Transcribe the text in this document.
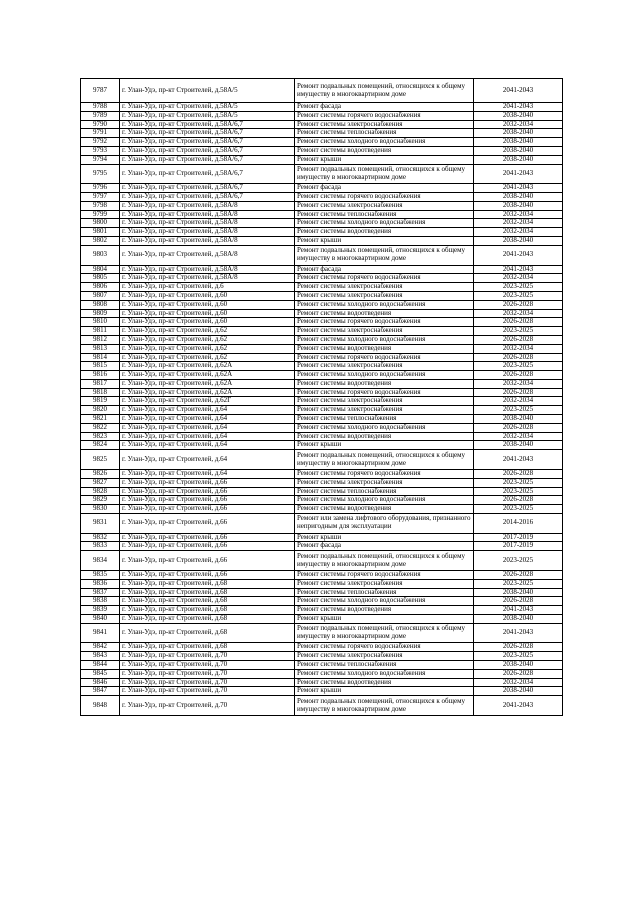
9787	г. Улан-Удэ, пр-кт Строителей, д.58А/5	Ремонт подвальных помещений, относящихся к общему имуществу в многоквартирном доме	2041-2043
9788	г. Улан-Удэ, пр-кт Строителей, д.58А/5	Ремонт фасада	2041-2043
9789	г. Улан-Удэ, пр-кт Строителей, д.58А/5	Ремонт системы горячего водоснабжения	2038-2040
9790	г. Улан-Удэ, пр-кт Строителей, д.58А/6,7	Ремонт системы электроснабжения	2032-2034
9791	г. Улан-Удэ, пр-кт Строителей, д.58А/6,7	Ремонт системы теплоснабжения	2038-2040
9792	г. Улан-Удэ, пр-кт Строителей, д.58А/6,7	Ремонт системы холодного водоснабжения	2038-2040
9793	г. Улан-Удэ, пр-кт Строителей, д.58А/6,7	Ремонт системы водоотведения	2038-2040
9794	г. Улан-Удэ, пр-кт Строителей, д.58А/6,7	Ремонт крыши	2038-2040
9795	г. Улан-Удэ, пр-кт Строителей, д.58А/6,7	Ремонт подвальных помещений, относящихся к общему имуществу в многоквартирном доме	2041-2043
9796	г. Улан-Удэ, пр-кт Строителей, д.58А/6,7	Ремонт фасада	2041-2043
9797	г. Улан-Удэ, пр-кт Строителей, д.58А/6,7	Ремонт системы горячего водоснабжения	2038-2040
9798	г. Улан-Удэ, пр-кт Строителей, д.58А/8	Ремонт системы электроснабжения	2038-2040
9799	г. Улан-Удэ, пр-кт Строителей, д.58А/8	Ремонт системы теплоснабжения	2032-2034
9800	г. Улан-Удэ, пр-кт Строителей, д.58А/8	Ремонт системы холодного водоснабжения	2032-2034
9801	г. Улан-Удэ, пр-кт Строителей, д.58А/8	Ремонт системы водоотведения	2032-2034
9802	г. Улан-Удэ, пр-кт Строителей, д.58А/8	Ремонт крыши	2038-2040
9803	г. Улан-Удэ, пр-кт Строителей, д.58А/8	Ремонт подвальных помещений, относящихся к общему имуществу в многоквартирном доме	2041-2043
9804	г. Улан-Удэ, пр-кт Строителей, д.58А/8	Ремонт фасада	2041-2043
9805	г. Улан-Удэ, пр-кт Строителей, д.58А/8	Ремонт системы горячего водоснабжения	2032-2034
9806	г. Улан-Удэ, пр-кт Строителей, д.6	Ремонт системы электроснабжения	2023-2025
9807	г. Улан-Удэ, пр-кт Строителей, д.60	Ремонт системы электроснабжения	2023-2025
9808	г. Улан-Удэ, пр-кт Строителей, д.60	Ремонт системы холодного водоснабжения	2026-2028
9809	г. Улан-Удэ, пр-кт Строителей, д.60	Ремонт системы водоотведения	2032-2034
9810	г. Улан-Удэ, пр-кт Строителей, д.60	Ремонт системы горячего водоснабжения	2026-2028
9811	г. Улан-Удэ, пр-кт Строителей, д.62	Ремонт системы электроснабжения	2023-2025
9812	г. Улан-Удэ, пр-кт Строителей, д.62	Ремонт системы холодного водоснабжения	2026-2028
9813	г. Улан-Удэ, пр-кт Строителей, д.62	Ремонт системы водоотведения	2032-2034
9814	г. Улан-Удэ, пр-кт Строителей, д.62	Ремонт системы горячего водоснабжения	2026-2028
9815	г. Улан-Удэ, пр-кт Строителей, д.62А	Ремонт системы электроснабжения	2023-2025
9816	г. Улан-Удэ, пр-кт Строителей, д.62А	Ремонт системы холодного водоснабжения	2026-2028
9817	г. Улан-Удэ, пр-кт Строителей, д.62А	Ремонт системы водоотведения	2032-2034
9818	г. Улан-Удэ, пр-кт Строителей, д.62А	Ремонт системы горячего водоснабжения	2026-2028
9819	г. Улан-Удэ, пр-кт Строителей, д.62Г	Ремонт системы электроснабжения	2032-2034
9820	г. Улан-Удэ, пр-кт Строителей, д.64	Ремонт системы электроснабжения	2023-2025
9821	г. Улан-Удэ, пр-кт Строителей, д.64	Ремонт системы теплоснабжения	2038-2040
9822	г. Улан-Удэ, пр-кт Строителей, д.64	Ремонт системы холодного водоснабжения	2026-2028
9823	г. Улан-Удэ, пр-кт Строителей, д.64	Ремонт системы водоотведения	2032-2034
9824	г. Улан-Удэ, пр-кт Строителей, д.64	Ремонт крыши	2038-2040
9825	г. Улан-Удэ, пр-кт Строителей, д.64	Ремонт подвальных помещений, относящихся к общему имуществу в многоквартирном доме	2041-2043
9826	г. Улан-Удэ, пр-кт Строителей, д.64	Ремонт системы горячего водоснабжения	2026-2028
9827	г. Улан-Удэ, пр-кт Строителей, д.66	Ремонт системы электроснабжения	2023-2025
9828	г. Улан-Удэ, пр-кт Строителей, д.66	Ремонт системы теплоснабжения	2023-2025
9829	г. Улан-Удэ, пр-кт Строителей, д.66	Ремонт системы холодного водоснабжения	2026-2028
9830	г. Улан-Удэ, пр-кт Строителей, д.66	Ремонт системы водоотведения	2023-2025
9831	г. Улан-Удэ, пр-кт Строителей, д.66	Ремонт или замена лифтового оборудования, признанного непригодным для эксплуатации	2014-2016
9832	г. Улан-Удэ, пр-кт Строителей, д.66	Ремонт крыши	2017-2019
9833	г. Улан-Удэ, пр-кт Строителей, д.66	Ремонт фасада	2017-2019
9834	г. Улан-Удэ, пр-кт Строителей, д.66	Ремонт подвальных помещений, относящихся к общему имуществу в многоквартирном доме	2023-2025
9835	г. Улан-Удэ, пр-кт Строителей, д.66	Ремонт системы горячего водоснабжения	2026-2028
9836	г. Улан-Удэ, пр-кт Строителей, д.68	Ремонт системы электроснабжения	2023-2025
9837	г. Улан-Удэ, пр-кт Строителей, д.68	Ремонт системы теплоснабжения	2038-2040
9838	г. Улан-Удэ, пр-кт Строителей, д.68	Ремонт системы холодного водоснабжения	2026-2028
9839	г. Улан-Удэ, пр-кт Строителей, д.68	Ремонт системы водоотведения	2041-2043
9840	г. Улан-Удэ, пр-кт Строителей, д.68	Ремонт крыши	2038-2040
9841	г. Улан-Удэ, пр-кт Строителей, д.68	Ремонт подвальных помещений, относящихся к общему имуществу в многоквартирном доме	2041-2043
9842	г. Улан-Удэ, пр-кт Строителей, д.68	Ремонт системы горячего водоснабжения	2026-2028
9843	г. Улан-Удэ, пр-кт Строителей, д.70	Ремонт системы электроснабжения	2023-2025
9844	г. Улан-Удэ, пр-кт Строителей, д.70	Ремонт системы теплоснабжения	2038-2040
9845	г. Улан-Удэ, пр-кт Строителей, д.70	Ремонт системы холодного водоснабжения	2026-2028
9846	г. Улан-Удэ, пр-кт Строителей, д.70	Ремонт системы водоотведения	2032-2034
9847	г. Улан-Удэ, пр-кт Строителей, д.70	Ремонт крыши	2038-2040
9848	г. Улан-Удэ, пр-кт Строителей, д.70	Ремонт подвальных помещений, относящихся к общему имуществу в многоквартирном доме	2041-2043
